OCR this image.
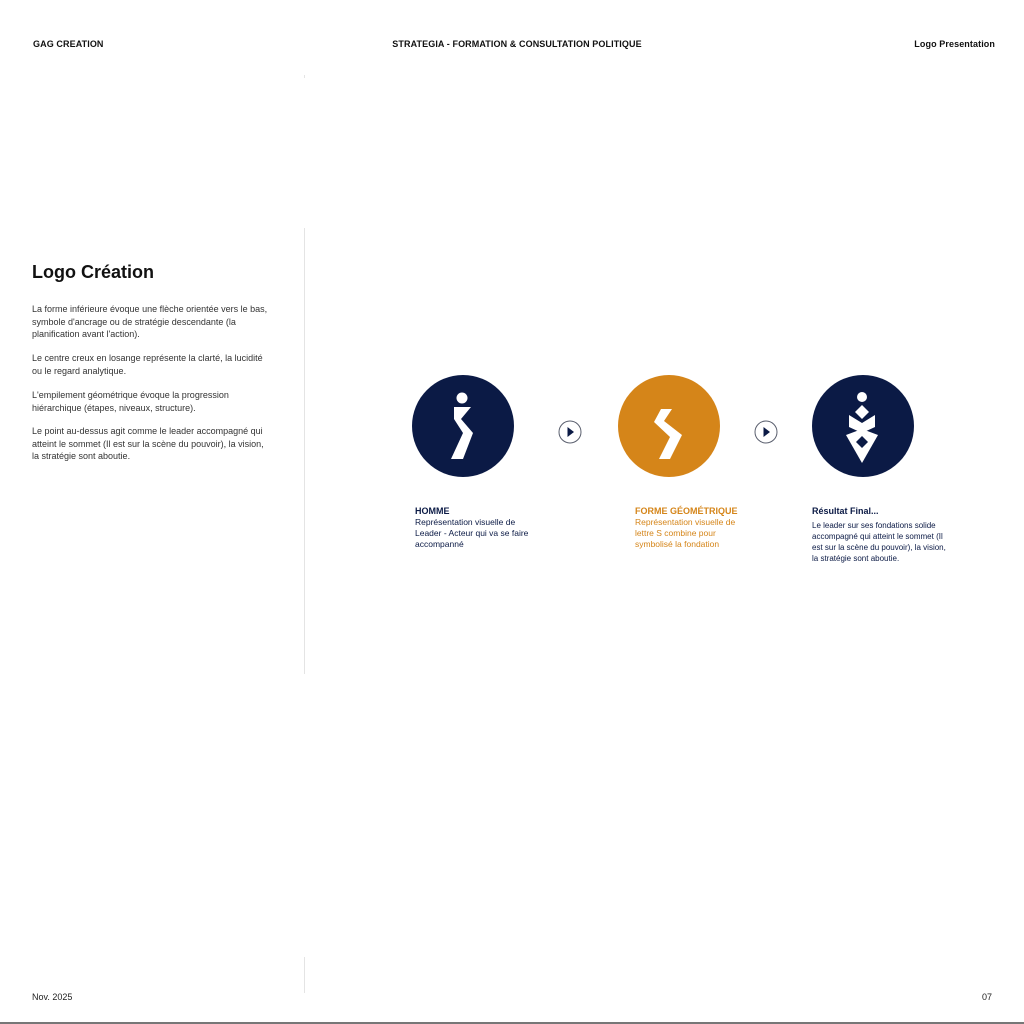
GAG CREATION	STRATEGIA - FORMATION & CONSULTATION POLITIQUE	Logo Presentation
Logo Création

La forme inférieure évoque une flèche orientée vers le bas, symbole d'ancrage ou de stratégie descendante (la planification avant l'action).

Le centre creux en losange représente la clarté, la lucidité ou le regard analytique.

L'empilement géométrique évoque la progression hiérarchique (étapes, niveaux, structure).

Le point au-dessus agit comme le leader accompagné qui atteint le sommet (Il est sur la scène du pouvoir), la vision, la stratégie sont aboutie.

HOMME
Représentation visuelle de Leader - Acteur qui va se faire accompanné
FORME GÉOMÉTRIQUE
Représentation visuelle de lettre S combine pour symbolisé la fondation
Résultat Final...
Le leader sur ses fondations solide accompagné qui atteint le sommet (Il est sur la scène du pouvoir), la vision, la stratégie sont aboutie.
Nov. 2025	07
